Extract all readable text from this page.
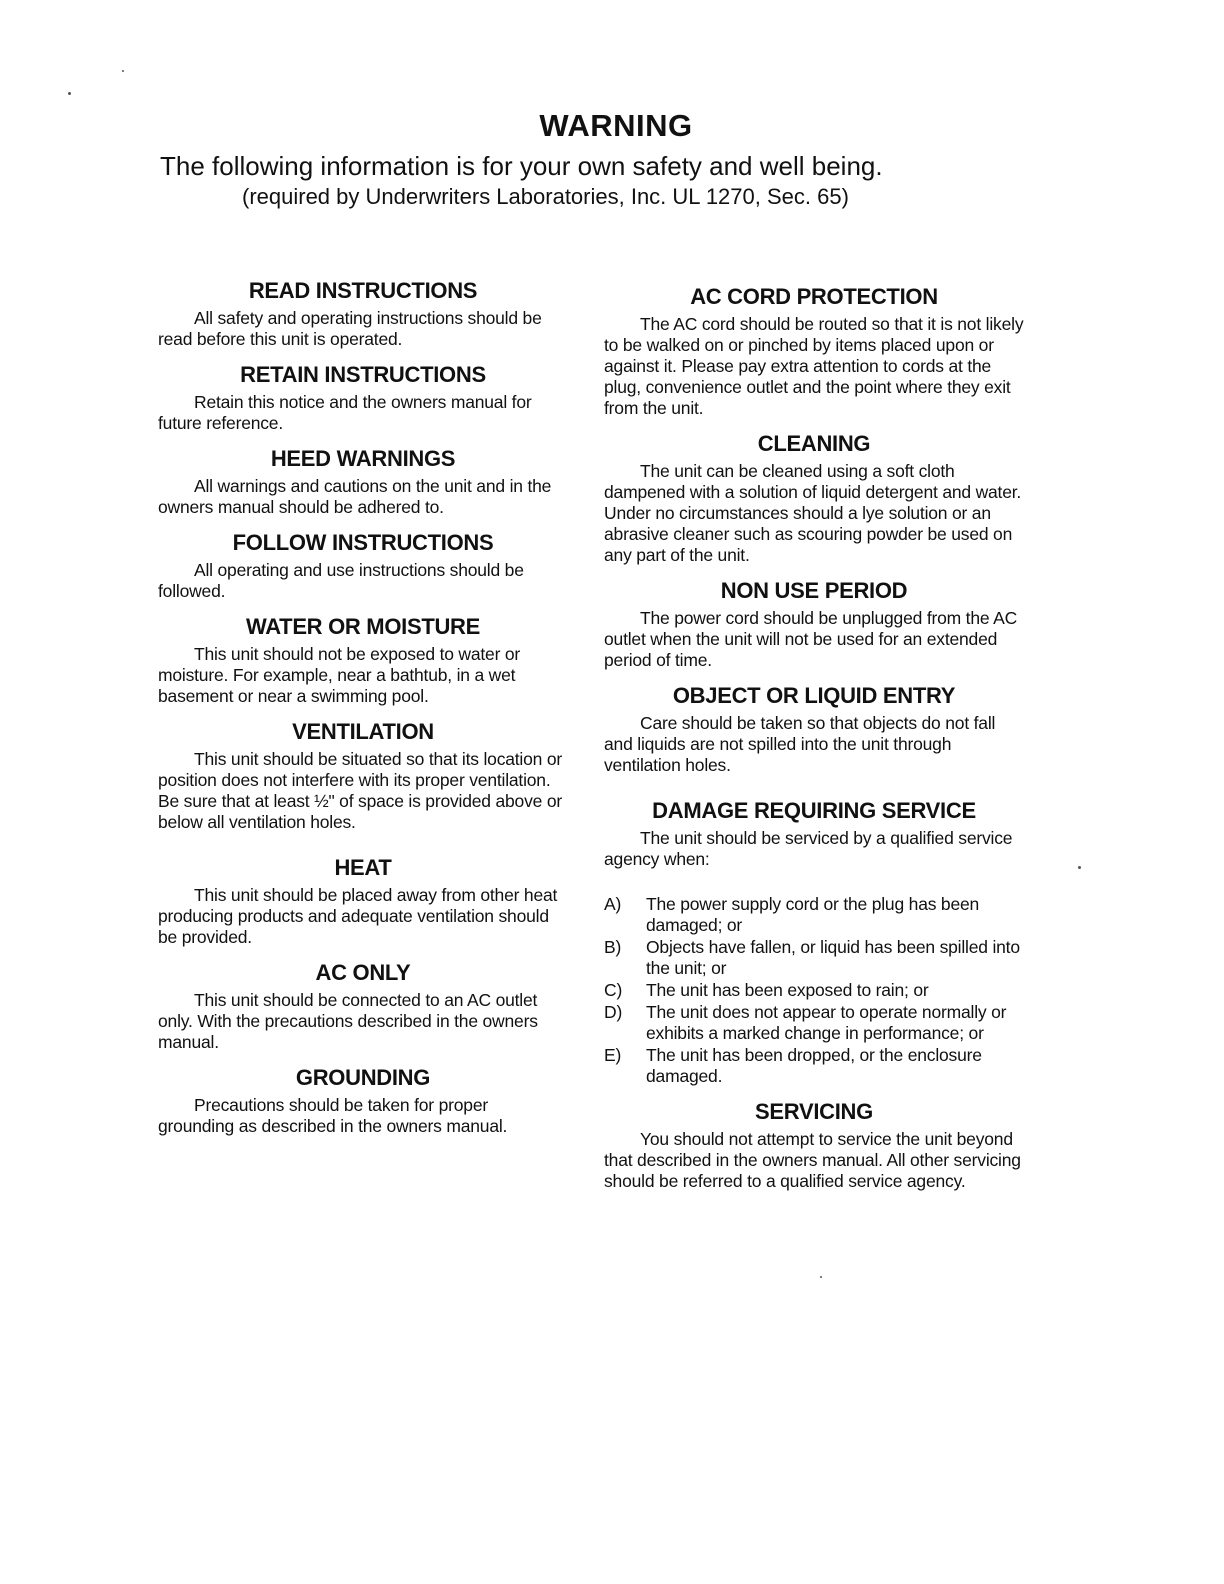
WARNING
The following information is for your own safety and well being.
(required by Underwriters Laboratories, Inc. UL 1270, Sec. 65)
READ INSTRUCTIONS

All safety and operating instructions should be read before this unit is operated.

RETAIN INSTRUCTIONS

Retain this notice and the owners manual for future reference.

HEED WARNINGS

All warnings and cautions on the unit and in the owners manual should be adhered to.

FOLLOW INSTRUCTIONS

All operating and use instructions should be followed.

WATER OR MOISTURE

This unit should not be exposed to water or moisture. For example, near a bathtub, in a wet basement or near a swimming pool.

VENTILATION

This unit should be situated so that its location or position does not interfere with its proper ventilation. Be sure that at least ½" of space is provided above or below all ventilation holes.

HEAT

This unit should be placed away from other heat producing products and adequate ventilation should be provided.

AC ONLY

This unit should be connected to an AC outlet only. With the precautions described in the owners manual.

GROUNDING

Precautions should be taken for proper grounding as described in the owners manual.

AC CORD PROTECTION

The AC cord should be routed so that it is not likely to be walked on or pinched by items placed upon or against it. Please pay extra attention to cords at the plug, convenience outlet and the point where they exit from the unit.

CLEANING

The unit can be cleaned using a soft cloth dampened with a solution of liquid detergent and water. Under no circumstances should a lye solution or an abrasive cleaner such as scouring powder be used on any part of the unit.

NON USE PERIOD

The power cord should be unplugged from the AC outlet when the unit will not be used for an extended period of time.

OBJECT OR LIQUID ENTRY

Care should be taken so that objects do not fall and liquids are not spilled into the unit through ventilation holes.

DAMAGE REQUIRING SERVICE

The unit should be serviced by a qualified service agency when:

A) The power supply cord or the plug has been damaged; or
B) Objects have fallen, or liquid has been spilled into the unit; or
C) The unit has been exposed to rain; or
D) The unit does not appear to operate normally or exhibits a marked change in performance; or
E) The unit has been dropped, or the enclosure damaged.
SERVICING

You should not attempt to service the unit beyond that described in the owners manual. All other servicing should be referred to a qualified service agency.
